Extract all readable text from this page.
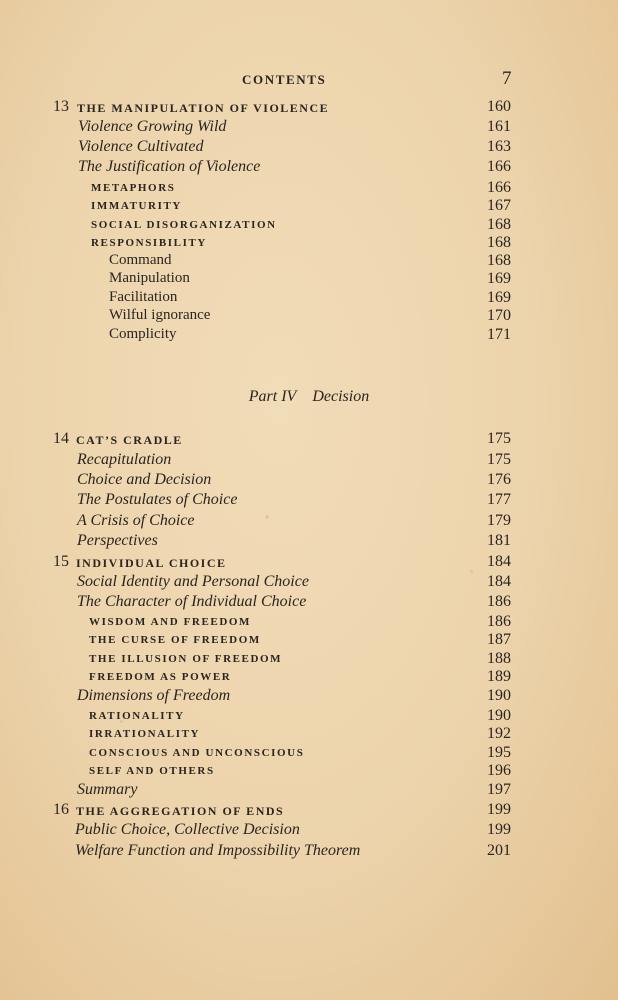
CONTENTS	7
13 THE MANIPULATION OF VIOLENCE	160
Violence Growing Wild	161
Violence Cultivated	163
The Justification of Violence	166
METAPHORS	166
IMMATURITY	167
SOCIAL DISORGANIZATION	168
RESPONSIBILITY	168
Command	168
Manipulation	169
Facilitation	169
Wilful ignorance	170
Complicity	171
Part IV Decision
14 CAT’S CRADLE	175
Recapitulation	175
Choice and Decision	176
The Postulates of Choice	177
A Crisis of Choice	179
Perspectives	181
15 INDIVIDUAL CHOICE	184
Social Identity and Personal Choice	184
The Character of Individual Choice	186
WISDOM AND FREEDOM	186
THE CURSE OF FREEDOM	187
THE ILLUSION OF FREEDOM	188
FREEDOM AS POWER	189
Dimensions of Freedom	190
RATIONALITY	190
IRRATIONALITY	192
CONSCIOUS AND UNCONSCIOUS	195
SELF AND OTHERS	196
Summary	197
16 THE AGGREGATION OF ENDS	199
Public Choice, Collective Decision	199
Welfare Function and Impossibility Theorem	201
